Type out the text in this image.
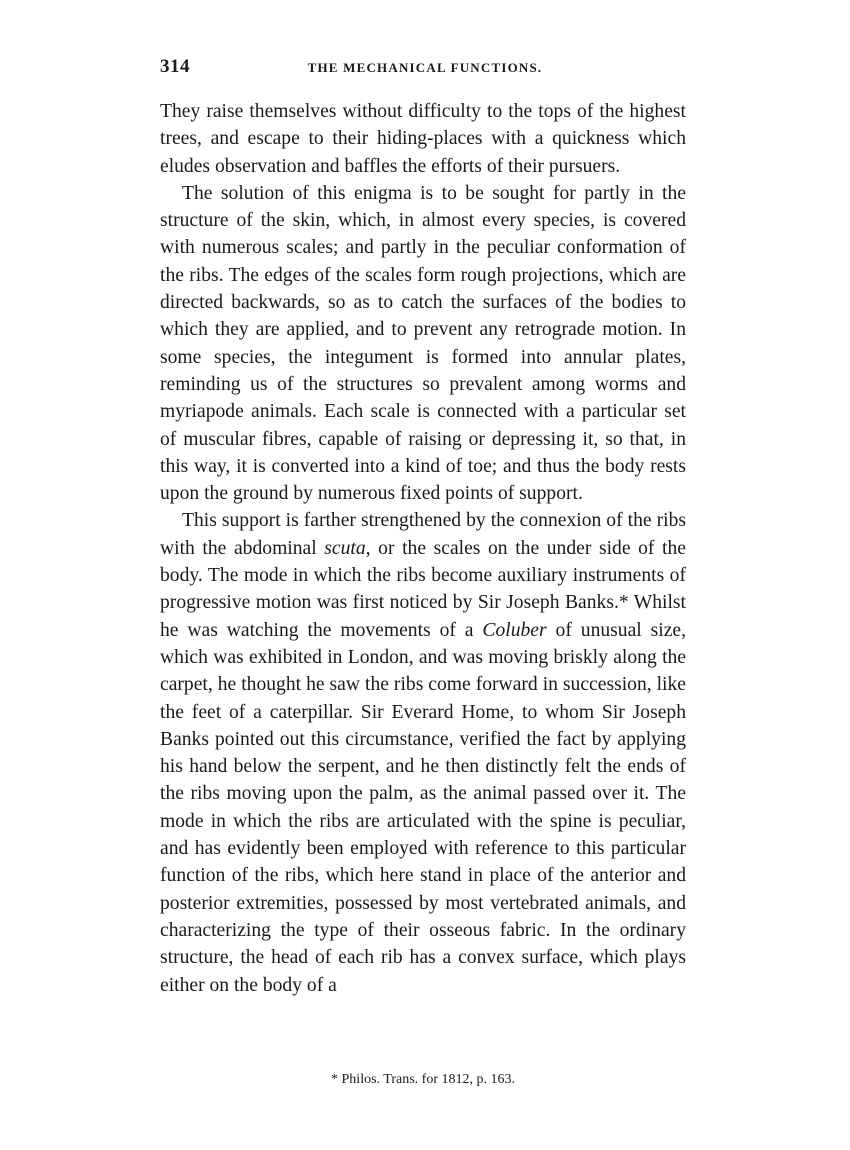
314	THE MECHANICAL FUNCTIONS.

They raise themselves without difficulty to the tops of the highest trees, and escape to their hiding-places with a quickness which eludes observation and baffles the efforts of their pursuers.

The solution of this enigma is to be sought for partly in the structure of the skin, which, in almost every species, is covered with numerous scales; and partly in the peculiar conformation of the ribs. The edges of the scales form rough projections, which are directed backwards, so as to catch the surfaces of the bodies to which they are applied, and to prevent any retrograde motion. In some species, the integument is formed into annular plates, reminding us of the structures so prevalent among worms and myriapode animals. Each scale is connected with a particular set of muscular fibres, capable of raising or depressing it, so that, in this way, it is converted into a kind of toe; and thus the body rests upon the ground by numerous fixed points of support.

This support is farther strengthened by the connexion of the ribs with the abdominal scuta, or the scales on the under side of the body. The mode in which the ribs become auxiliary instruments of progressive motion was first noticed by Sir Joseph Banks.* Whilst he was watching the movements of a Coluber of unusual size, which was exhibited in London, and was moving briskly along the carpet, he thought he saw the ribs come forward in succession, like the feet of a caterpillar. Sir Everard Home, to whom Sir Joseph Banks pointed out this circumstance, verified the fact by applying his hand below the serpent, and he then distinctly felt the ends of the ribs moving upon the palm, as the animal passed over it. The mode in which the ribs are articulated with the spine is peculiar, and has evidently been employed with reference to this particular function of the ribs, which here stand in place of the anterior and posterior extremities, possessed by most vertebrated animals, and characterizing the type of their osseous fabric. In the ordinary structure, the head of each rib has a convex surface, which plays either on the body of a

* Philos. Trans. for 1812, p. 163.
